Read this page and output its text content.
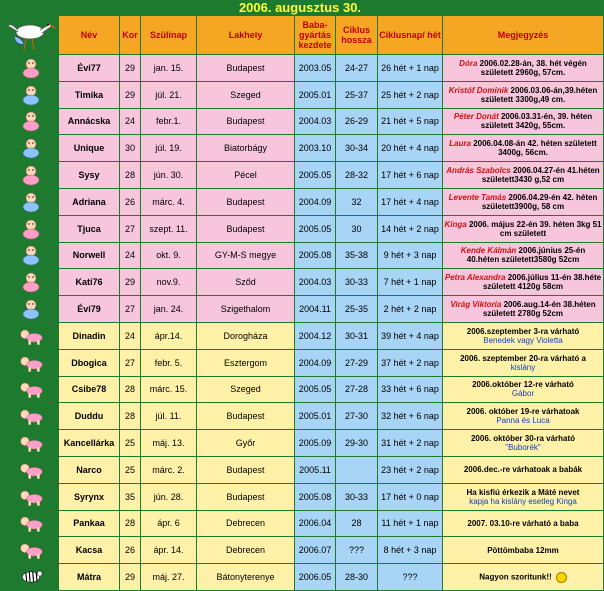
2006. augusztus 30.
	Név	Kor	Szülinap	Lakhely	Baba-gyártás kezdete	Ciklus hossza	Ciklusnap/ hét	Megjegyzés

	Évi77	29	jan. 15.	Budapest	2003.05	24-27	26 hét + 1 nap	Dóra 2006.02.28-án, 38. hét végén született 2960g, 57cm.

	Timika	29	júl. 21.	Szeged	2005.01	25-37	25 hét + 2 nap	Kristóf Dominik 2006.03.06-án,39.héten született 3300g,49 cm.

	Annácska	24	febr.1.	Budapest	2004.03	26-29	21 hét + 5 nap	Péter Donát 2006.03.31-én, 39. héten született 3420g, 55cm.

	Unique	30	júl. 19.	Biatorbágy	2003.10	30-34	20 hét + 4 nap	Laura 2006.04.08-án 42. héten született 3400g, 56cm.

	Sysy	28	jún. 30.	Pécel	2005.05	28-32	17 hét + 6 nap	András Szabolcs 2006.04.27-én 41.héten született3430 g,52 cm

	Adriana	26	márc. 4.	Budapest	2004.09	32	17 hét + 4 nap	Levente Tamás 2006.04.29-én 42. héten született3900g, 58 cm

	Tjuca	27	szept. 11.	Budapest	2005.05	30	14 hét + 2 nap	Kinga 2006. május 22-én 39. héten 3kg 51 cm született

	Norwell	24	okt. 9.	GY-M-S megye	2005.08	35-38	9 hét + 3 nap	Kende Kálmán 2006.június 25-én 40.héten született3580g 52cm

	Kati76	29	nov.9.	Sződ	2004.03	30-33	7 hét + 1 nap	Petra Alexandra 2006.július 11-én 38.héte született 4120g 58cm

	Évi79	27	jan. 24.	Szigethalom	2004.11	25-35	2 hét + 2 nap	Virág Viktoria 2006.aug.14-én 38.héten született 2780g 52cm

	Dinadin	24	ápr.14.	Dorogháza	2004.12	30-31	39 hét + 4 nap	2006.szeptember 3-ra várható
Benedek vagy Violetta

	Dbogica	27	febr. 5.	Esztergom	2004.09	27-29	37 hét + 2 nap	2006. szeptember 20-ra várható a
kislány

	Csibe78	28	márc. 15.	Szeged	2005.05	27-28	33 hét + 6 nap	2006.október 12-re várható
Gábor

	Duddu	28	júl. 11.	Budapest	2005.01	27-30	32 hét + 6 nap	2006. október 19-re várhatoak
Panna és Luca

	Kancellárka	25	máj. 13.	Győr	2005.09	29-30	31 hét + 2 nap	2006. október 30-ra várható
"Buborék"

	Narco	25	márc. 2.	Budapest	2005.11		23 hét + 2 nap	2006.dec.-re várhatoak a babák

	Syrynx	35	jún. 28.	Budapest	2005.08	30-33	17 hét + 0 nap	Ha kisfiú érkezik a Máté nevet
kapja ha kislány esetleg Kinga

	Pankaa	28	ápr. 6	Debrecen	2006.04	28	11 hét + 1 nap	2007. 03.10-re várható a baba

	Kacsa	26	ápr. 14.	Debrecen	2006.07	???	8 hét + 3 nap	Pöttömbaba 12mm

	Mátra	29	máj. 27.	Bátonyterenye	2006.05	28-30	???	Nagyon szoritunk!!
